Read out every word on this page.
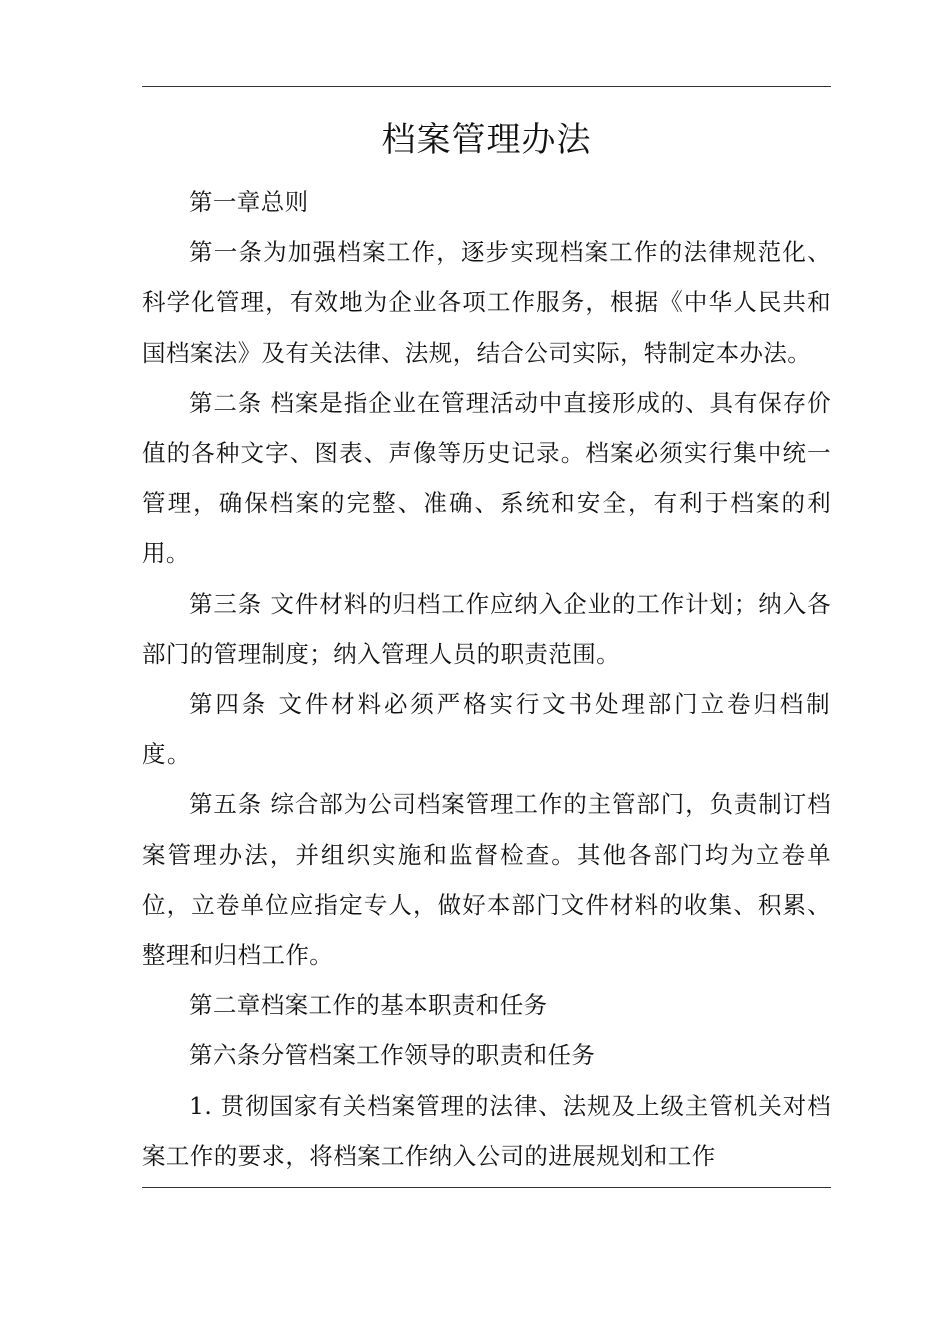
档案管理办法

第一章总则

第一条为加强档案工作，逐步实现档案工作的法律规范化、科学化管理，有效地为企业各项工作服务，根据《中华人民共和国档案法》及有关法律、法规，结合公司实际，特制定本办法。

第二条 档案是指企业在管理活动中直接形成的、具有保存价值的各种文字、图表、声像等历史记录。档案必须实行集中统一管理，确保档案的完整、准确、系统和安全，有利于档案的利用。

第三条 文件材料的归档工作应纳入企业的工作计划；纳入各部门的管理制度；纳入管理人员的职责范围。

第四条 文件材料必须严格实行文书处理部门立卷归档制度。

第五条 综合部为公司档案管理工作的主管部门，负责制订档案管理办法，并组织实施和监督检查。其他各部门均为立卷单位，立卷单位应指定专人，做好本部门文件材料的收集、积累、整理和归档工作。

第二章档案工作的基本职责和任务

第六条分管档案工作领导的职责和任务

1. 贯彻国家有关档案管理的法律、法规及上级主管机关对档案工作的要求，将档案工作纳入公司的进展规划和工作
